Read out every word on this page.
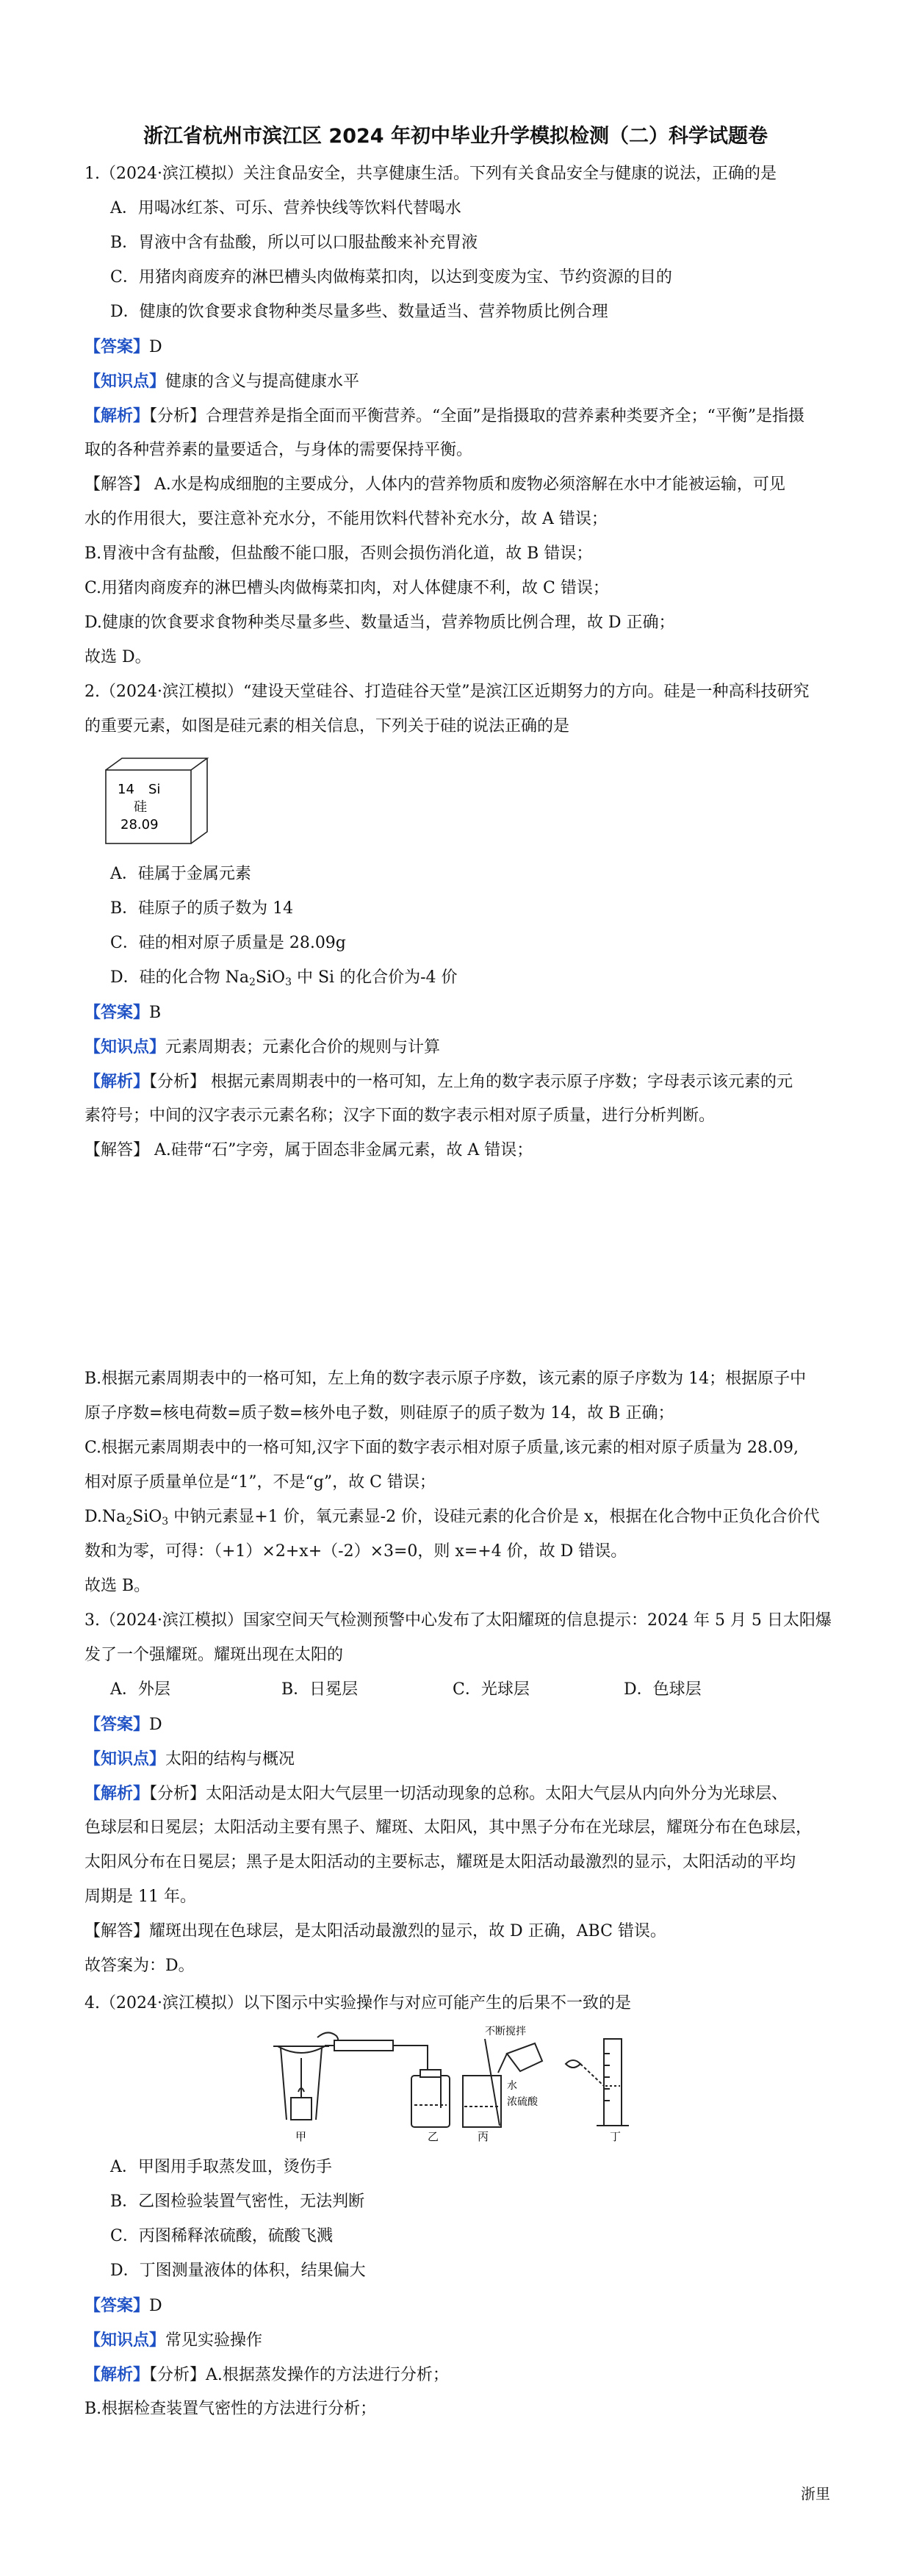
浙江省杭州市滨江区 2024 年初中毕业升学模拟检测（二）科学试题卷
1.（2024·滨江模拟）关注食品安全，共享健康生活。下列有关食品安全与健康的说法，正确的是
A．用喝冰红茶、可乐、营养快线等饮料代替喝水
B．胃液中含有盐酸，所以可以口服盐酸来补充胃液
C．用猪肉商废弃的淋巴槽头肉做梅菜扣肉，以达到变废为宝、节约资源的目的
D．健康的饮食要求食物种类尽量多些、数量适当、营养物质比例合理
【答案】D
【知识点】健康的含义与提高健康水平
【解析】【分析】合理营养是指全面而平衡营养。“全面”是指摄取的营养素种类要齐全；“平衡”是指摄
取的各种营养素的量要适合，与身体的需要保持平衡。
【解答】 A.水是构成细胞的主要成分，人体内的营养物质和废物必须溶解在水中才能被运输，可见
水的作用很大，要注意补充水分，不能用饮料代替补充水分，故 A 错误；
B.胃液中含有盐酸，但盐酸不能口服，否则会损伤消化道，故 B 错误；
C.用猪肉商废弃的淋巴槽头肉做梅菜扣肉，对人体健康不利，故 C 错误；
D.健康的饮食要求食物种类尽量多些、数量适当，营养物质比例合理，故 D 正确；
故选 D。
2.（2024·滨江模拟）“建设天堂硅谷、打造硅谷天堂”是滨江区近期努力的方向。硅是一种高科技研究
的重要元素，如图是硅元素的相关信息，下列关于硅的说法正确的是
14 Si
硅
28.09
A．硅属于金属元素
B．硅原子的质子数为 14
C．硅的相对原子质量是 28.09g
D．硅的化合物 $Na_2SiO_3$ 中 Si 的化合价为-4 价
【答案】B
【知识点】元素周期表；元素化合价的规则与计算
【解析】【分析】 根据元素周期表中的一格可知，左上角的数字表示原子序数；字母表示该元素的元
素符号；中间的汉字表示元素名称；汉字下面的数字表示相对原子质量，进行分析判断。
【解答】 A.硅带“石”字旁，属于固态非金属元素，故 A 错误；
B.根据元素周期表中的一格可知，左上角的数字表示原子序数，该元素的原子序数为 14；根据原子中
原子序数=核电荷数=质子数=核外电子数，则硅原子的质子数为 14，故 B 正确；
C.根据元素周期表中的一格可知,汉字下面的数字表示相对原子质量,该元素的相对原子质量为 28.09,
相对原子质量单位是“1”，不是“g”，故 C 错误；
$D.Na_2SiO_3$ 中钠元素显+1 价，氧元素显-2 价，设硅元素的化合价是 x，根据在化合物中正负化合价代
数和为零，可得：（+1）×2+x+（-2）×3=0，则 x=+4 价，故 D 错误。
故选 B。
3.（2024·滨江模拟）国家空间天气检测预警中心发布了太阳耀斑的信息提示：2024 年 5 月 5 日太阳爆
发了一个强耀斑。耀斑出现在太阳的
A．外层	B．日冕层	C．光球层	D．色球层
【答案】D
【知识点】太阳的结构与概况
【解析】【分析】太阳活动是太阳大气层里一切活动现象的总称。太阳大气层从内向外分为光球层、
色球层和日冕层；太阳活动主要有黑子、耀斑、太阳风，其中黑子分布在光球层，耀斑分布在色球层，
太阳风分布在日冕层；黑子是太阳活动的主要标志，耀斑是太阳活动最激烈的显示，太阳活动的平均
周期是 11 年。
【解答】耀斑出现在色球层，是太阳活动最激烈的显示，故 D 正确，ABC 错误。
故答案为：D。
4.（2024·滨江模拟）以下图示中实验操作与对应可能产生的后果不一致的是
甲	乙
不断搅拌
水
浓硫酸
丙	丁
A．甲图用手取蒸发皿，烫伤手
B．乙图检验装置气密性，无法判断
C．丙图稀释浓硫酸，硫酸飞溅
D．丁图测量液体的体积，结果偏大
【答案】D
【知识点】常见实验操作
【解析】【分析】A.根据蒸发操作的方法进行分析；
B.根据检查装置气密性的方法进行分析；
浙里
